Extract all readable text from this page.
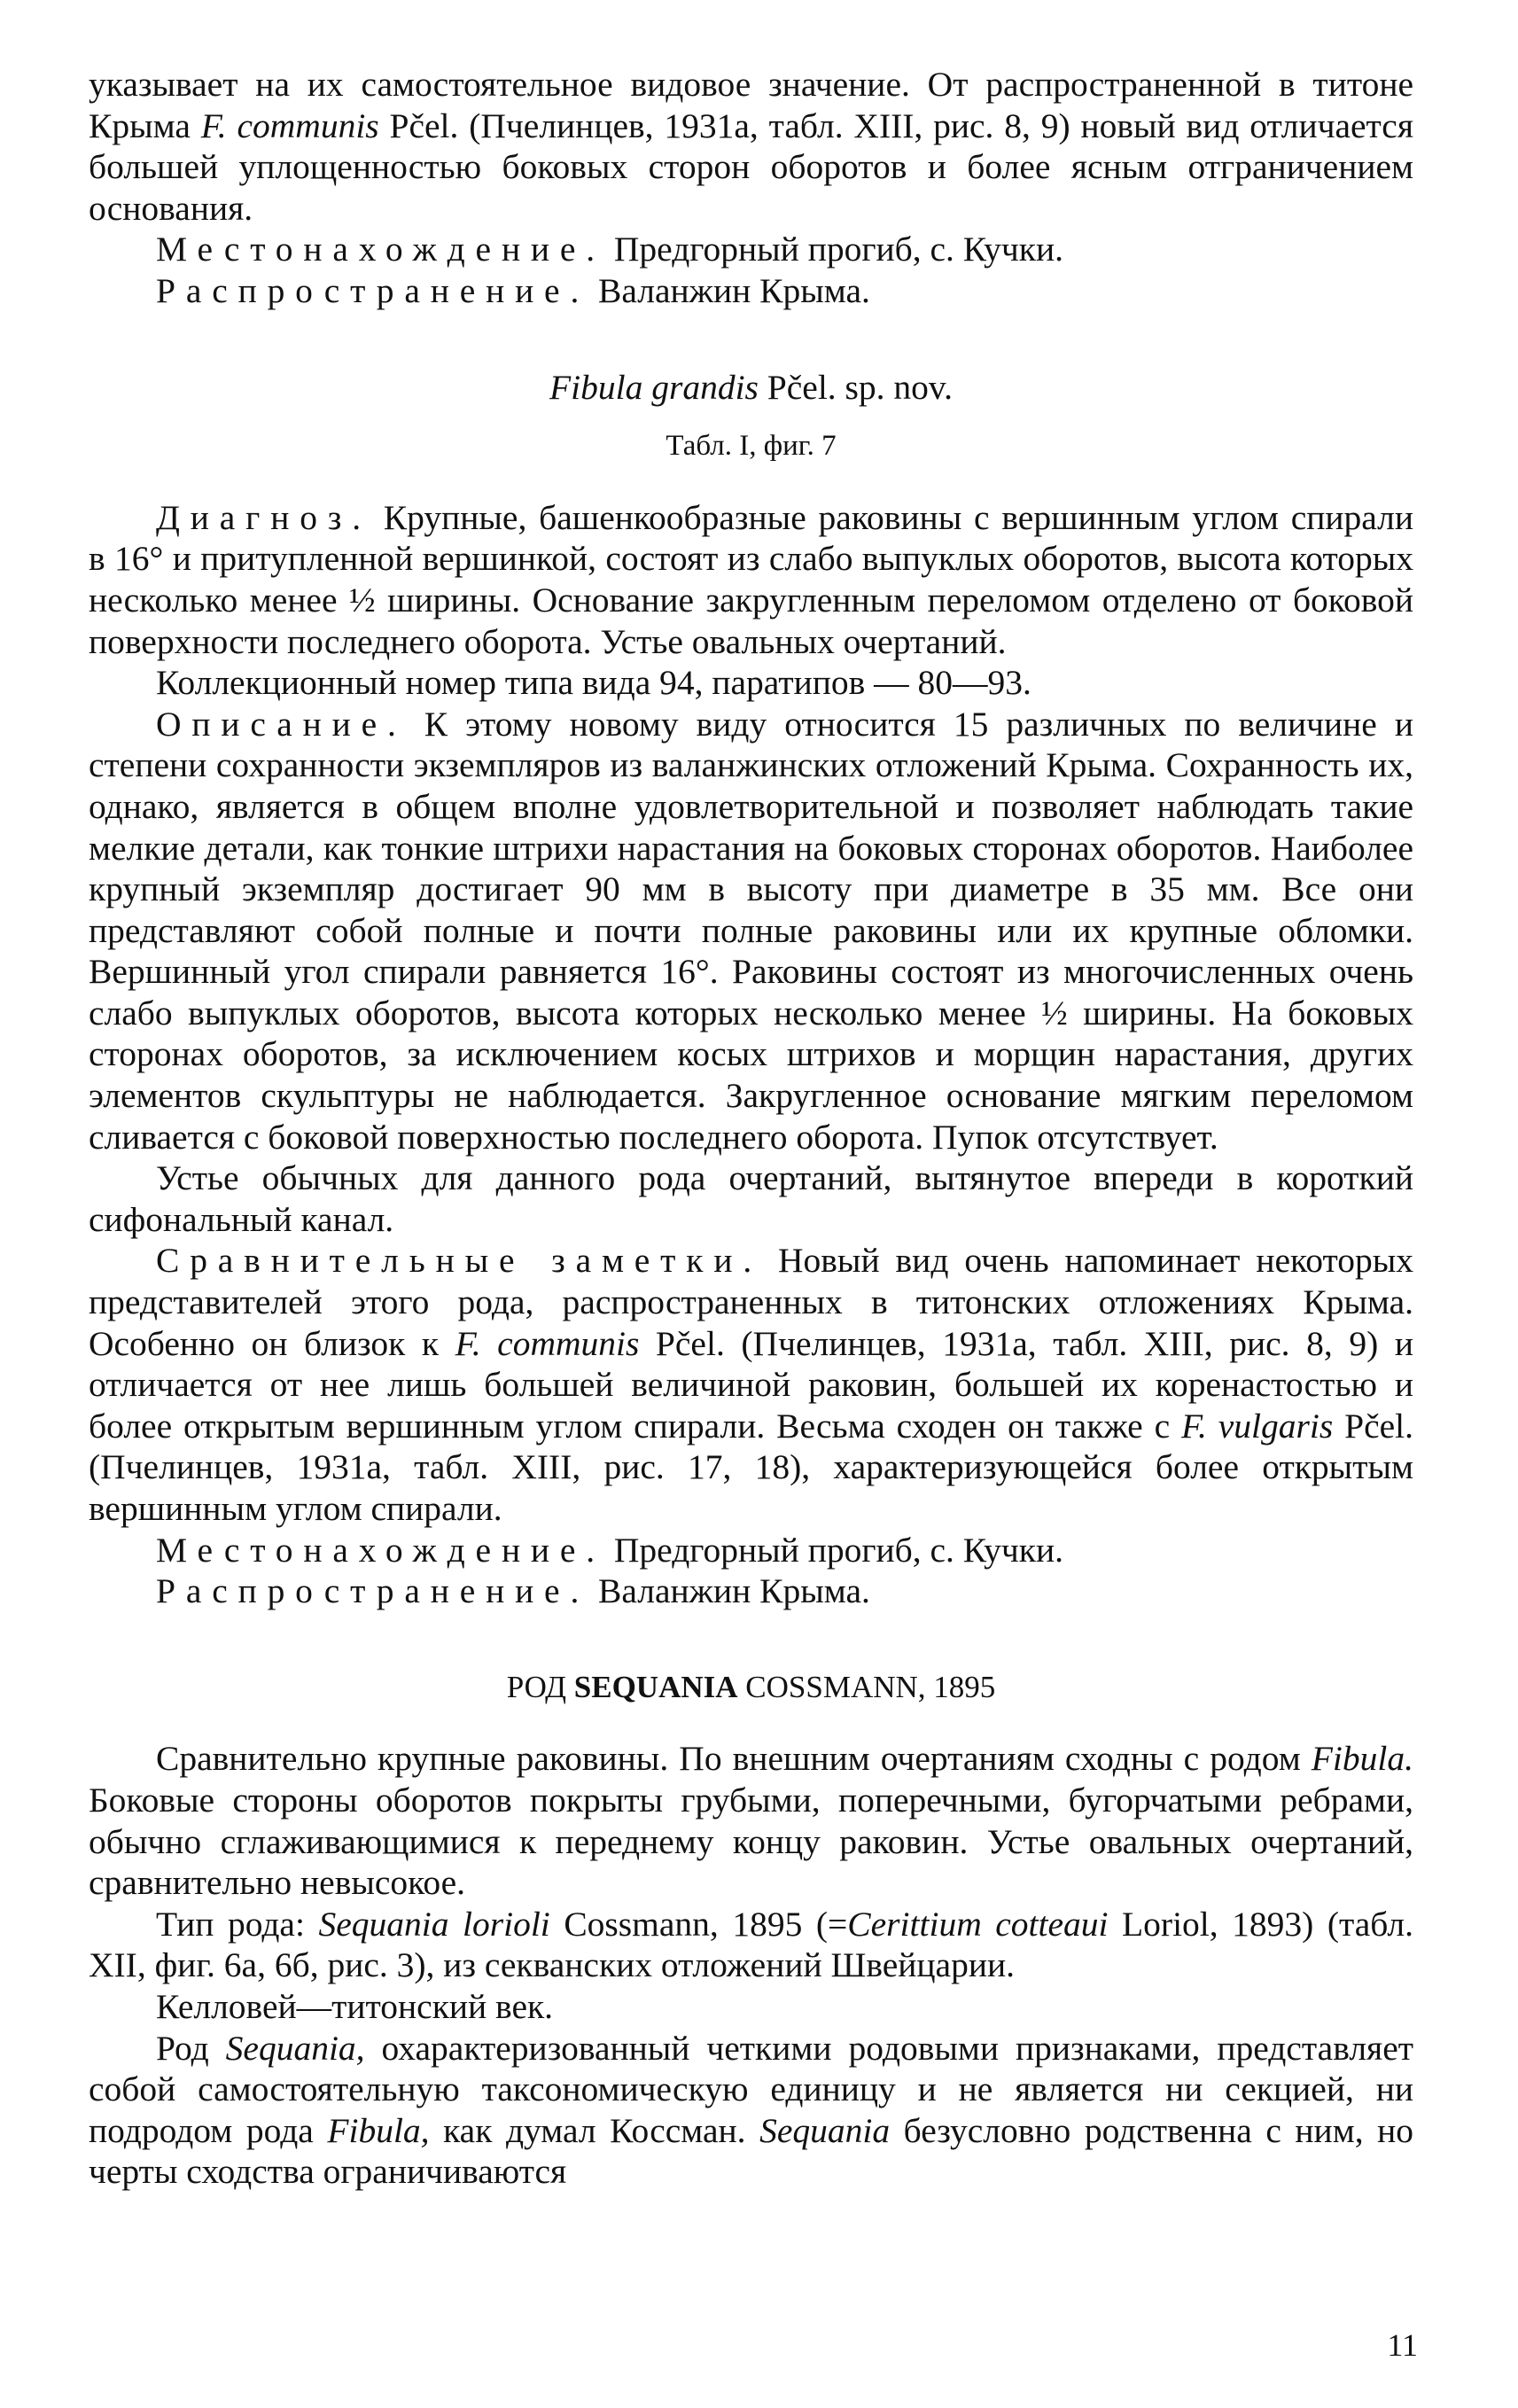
указывает на их самостоятельное видовое значение. От распространенной в титоне Крыма F. communis Pčel. (Пчелинцев, 1931а, табл. XIII, рис. 8, 9) новый вид отличается большей уплощенностью боковых сторон оборотов и более ясным отграничением основания.

Местонахождение. Предгорный прогиб, с. Кучки.

Распространение. Валанжин Крыма.

Fibula grandis Pčel. sp. nov.
Табл. I, фиг. 7

Диагноз. Крупные, башенкообразные раковины с вершинным углом спирали в 16° и притупленной вершинкой, состоят из слабо выпуклых оборотов, высота которых несколько менее ½ ширины. Основание закругленным переломом отделено от боковой поверхности последнего оборота. Устье овальных очертаний.

Коллекционный номер типа вида 94, паратипов — 80—93.

Описание. К этому новому виду относится 15 различных по величине и степени сохранности экземпляров из валанжинских отложений Крыма. Сохранность их, однако, является в общем вполне удовлетворительной и позволяет наблюдать такие мелкие детали, как тонкие штрихи нарастания на боковых сторонах оборотов. Наиболее крупный экземпляр достигает 90 мм в высоту при диаметре в 35 мм. Все они представляют собой полные и почти полные раковины или их крупные обломки. Вершинный угол спирали равняется 16°. Раковины состоят из многочисленных очень слабо выпуклых оборотов, высота которых несколько менее ½ ширины. На боковых сторонах оборотов, за исключением косых штрихов и морщин нарастания, других элементов скульптуры не наблюдается. Закругленное основание мягким переломом сливается с боковой поверхностью последнего оборота. Пупок отсутствует.

Устье обычных для данного рода очертаний, вытянутое впереди в короткий сифональный канал.

Сравнительные заметки. Новый вид очень напоминает некоторых представителей этого рода, распространенных в титонских отложениях Крыма. Особенно он близок к F. communis Pčel. (Пчелинцев, 1931а, табл. XIII, рис. 8, 9) и отличается от нее лишь большей величиной раковин, большей их коренастостью и более открытым вершинным углом спирали. Весьма сходен он также с F. vulgaris Pčel. (Пчелинцев, 1931а, табл. XIII, рис. 17, 18), характеризующейся более открытым вершинным углом спирали.

Местонахождение. Предгорный прогиб, с. Кучки.

Распространение. Валанжин Крыма.

РОД SEQUANIA COSSMANN, 1895

Сравнительно крупные раковины. По внешним очертаниям сходны с родом Fibula. Боковые стороны оборотов покрыты грубыми, поперечными, бугорчатыми ребрами, обычно сглаживающимися к переднему концу раковин. Устье овальных очертаний, сравнительно невысокое.

Тип рода: Sequania lorioli Cossmann, 1895 (=Cerittium cotteaui Loriol, 1893) (табл. XII, фиг. 6а, 6б, рис. 3), из секванских отложений Швейцарии.

Келловей—титонский век.

Род Sequania, охарактеризованный четкими родовыми признаками, представляет собой самостоятельную таксономическую единицу и не является ни секцией, ни подродом рода Fibula, как думал Коссман. Sequania безусловно родственна с ним, но черты сходства ограничиваются

11
